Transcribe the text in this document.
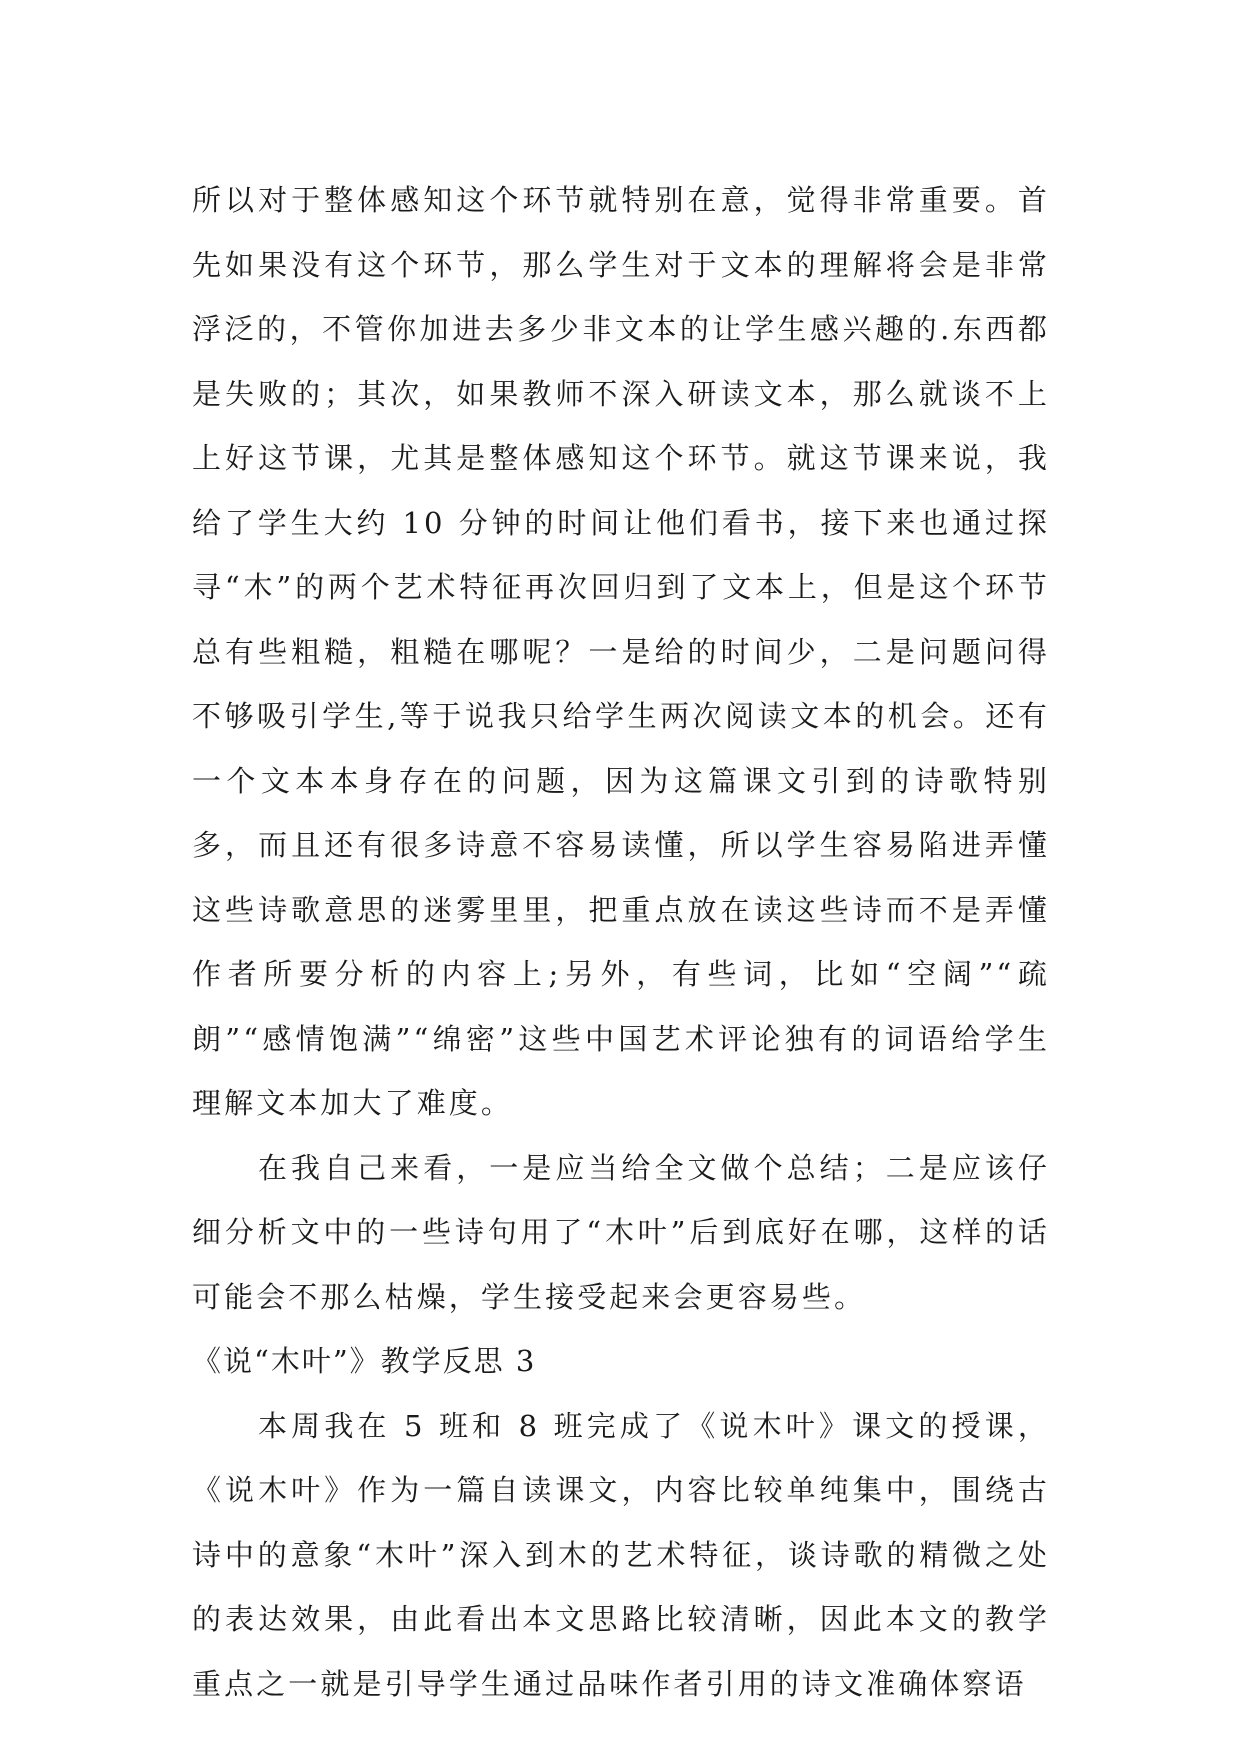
所以对于整体感知这个环节就特别在意，觉得非常重要。首先如果没有这个环节，那么学生对于文本的理解将会是非常浮泛的，不管你加进去多少非文本的让学生感兴趣的.东西都是失败的；其次，如果教师不深入研读文本，那么就谈不上上好这节课，尤其是整体感知这个环节。就这节课来说，我给了学生大约 10 分钟的时间让他们看书，接下来也通过探寻“木”的两个艺术特征再次回归到了文本上，但是这个环节总有些粗糙，粗糙在哪呢？一是给的时间少，二是问题问得不够吸引学生,等于说我只给学生两次阅读文本的机会。还有一个文本本身存在的问题，因为这篇课文引到的诗歌特别多，而且还有很多诗意不容易读懂，所以学生容易陷进弄懂这些诗歌意思的迷雾里里，把重点放在读这些诗而不是弄懂作者所要分析的内容上;另外，有些词，比如“空阔”“疏朗”“感情饱满”“绵密”这些中国艺术评论独有的词语给学生理解文本加大了难度。

在我自己来看，一是应当给全文做个总结；二是应该仔细分析文中的一些诗句用了“木叶”后到底好在哪，这样的话可能会不那么枯燥，学生接受起来会更容易些。

《说“木叶”》教学反思 3

本周我在 5 班和 8 班完成了《说木叶》课文的授课，《说木叶》作为一篇自读课文，内容比较单纯集中，围绕古诗中的意象“木叶”深入到木的艺术特征，谈诗歌的精微之处的表达效果，由此看出本文思路比较清晰，因此本文的教学重点之一就是引导学生通过品味作者引用的诗文准确体察语
